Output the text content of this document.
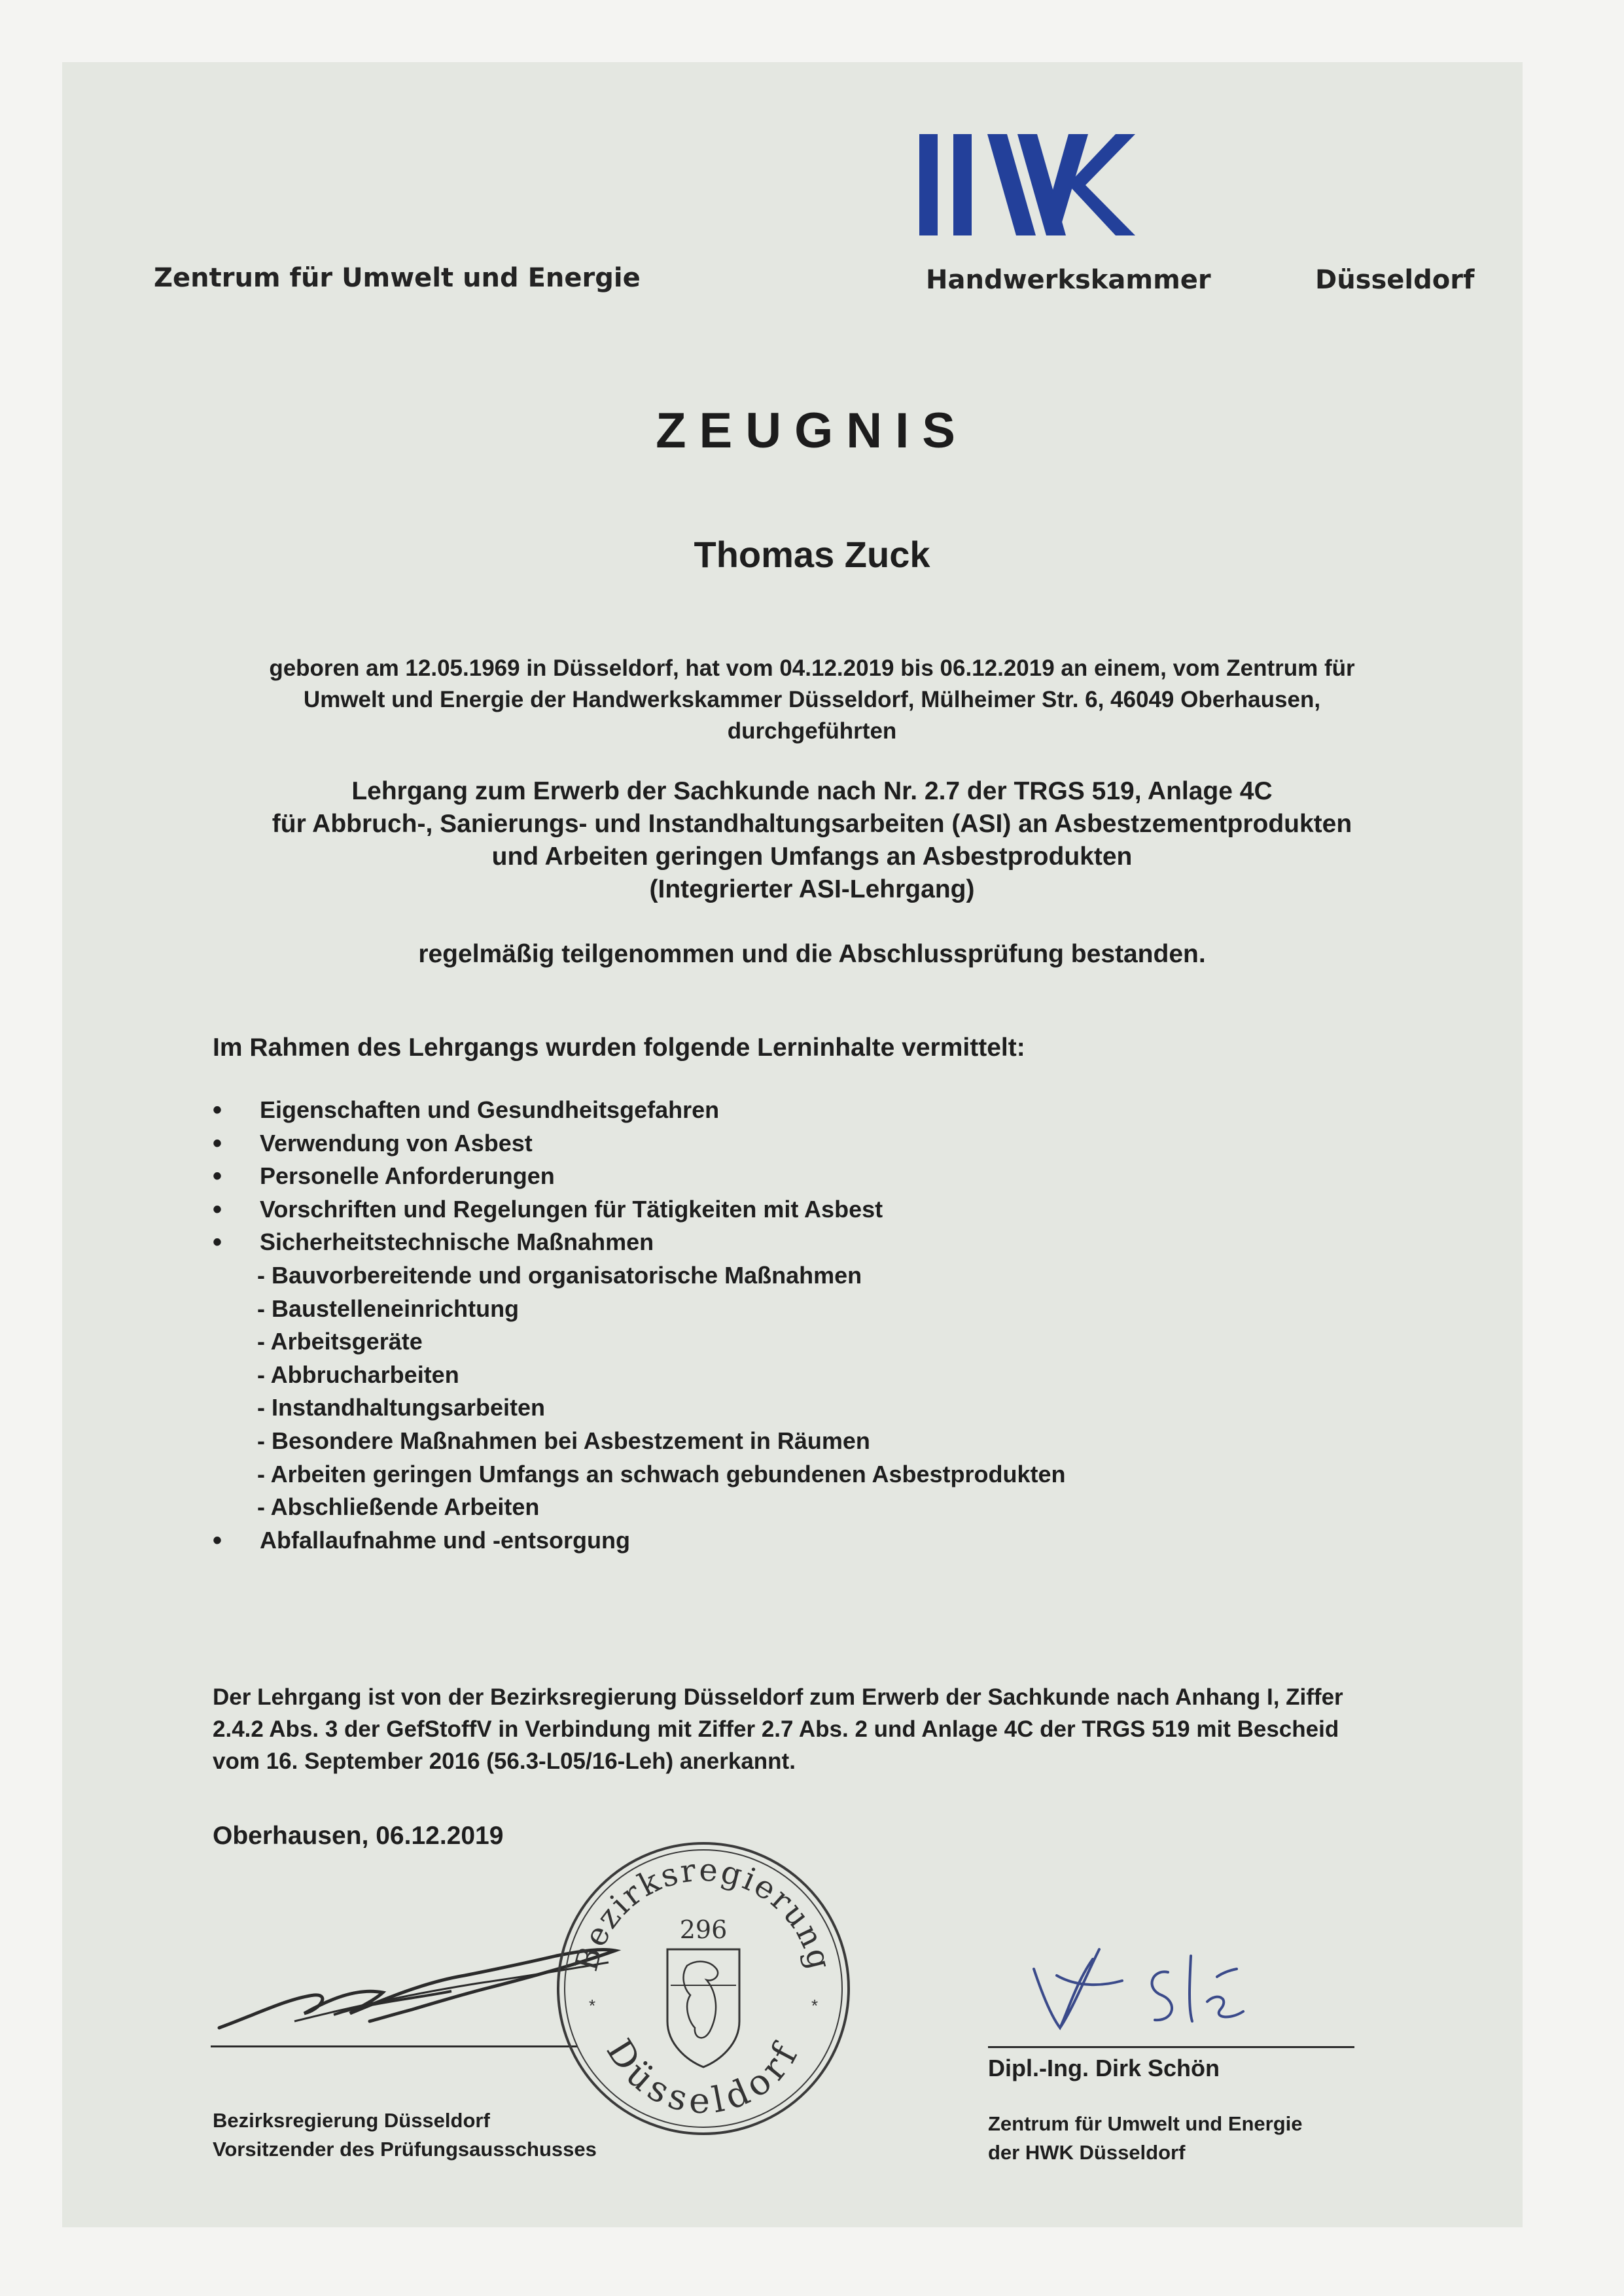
Zentrum für Umwelt und Energie	Handwerkskammer	Düsseldorf
ZEUGNIS
Thomas Zuck
geboren am 12.05.1969 in Düsseldorf, hat vom 04.12.2019 bis 06.12.2019 an einem, vom Zentrum für
Umwelt und Energie der Handwerkskammer Düsseldorf, Mülheimer Str. 6, 46049 Oberhausen,
durchgeführten
Lehrgang zum Erwerb der Sachkunde nach Nr. 2.7 der TRGS 519, Anlage 4C
für Abbruch-, Sanierungs- und Instandhaltungsarbeiten (ASI) an Asbestzementprodukten
und Arbeiten geringen Umfangs an Asbestprodukten
(Integrierter ASI-Lehrgang)
regelmäßig teilgenommen und die Abschlussprüfung bestanden.
Im Rahmen des Lehrgangs wurden folgende Lerninhalte vermittelt:
• Eigenschaften und Gesundheitsgefahren
• Verwendung von Asbest
• Personelle Anforderungen
• Vorschriften und Regelungen für Tätigkeiten mit Asbest
• Sicherheitstechnische Maßnahmen
- Bauvorbereitende und organisatorische Maßnahmen
- Baustelleneinrichtung
- Arbeitsgeräte
- Abbrucharbeiten
- Instandhaltungsarbeiten
- Besondere Maßnahmen bei Asbestzement in Räumen
- Arbeiten geringen Umfangs an schwach gebundenen Asbestprodukten
- Abschließende Arbeiten
• Abfallaufnahme und -entsorgung
Der Lehrgang ist von der Bezirksregierung Düsseldorf zum Erwerb der Sachkunde nach Anhang I, Ziffer
2.4.2 Abs. 3 der GefStoffV in Verbindung mit Ziffer 2.7 Abs. 2 und Anlage 4C der TRGS 519 mit Bescheid
vom 16. September 2016 (56.3-L05/16-Leh) anerkannt.
Oberhausen, 06.12.2019
Bezirksregierung
Düsseldorf
296
*	*
Dipl.-Ing. Dirk Schön
Bezirksregierung Düsseldorf
Vorsitzender des Prüfungsausschusses
Zentrum für Umwelt und Energie
der HWK Düsseldorf
